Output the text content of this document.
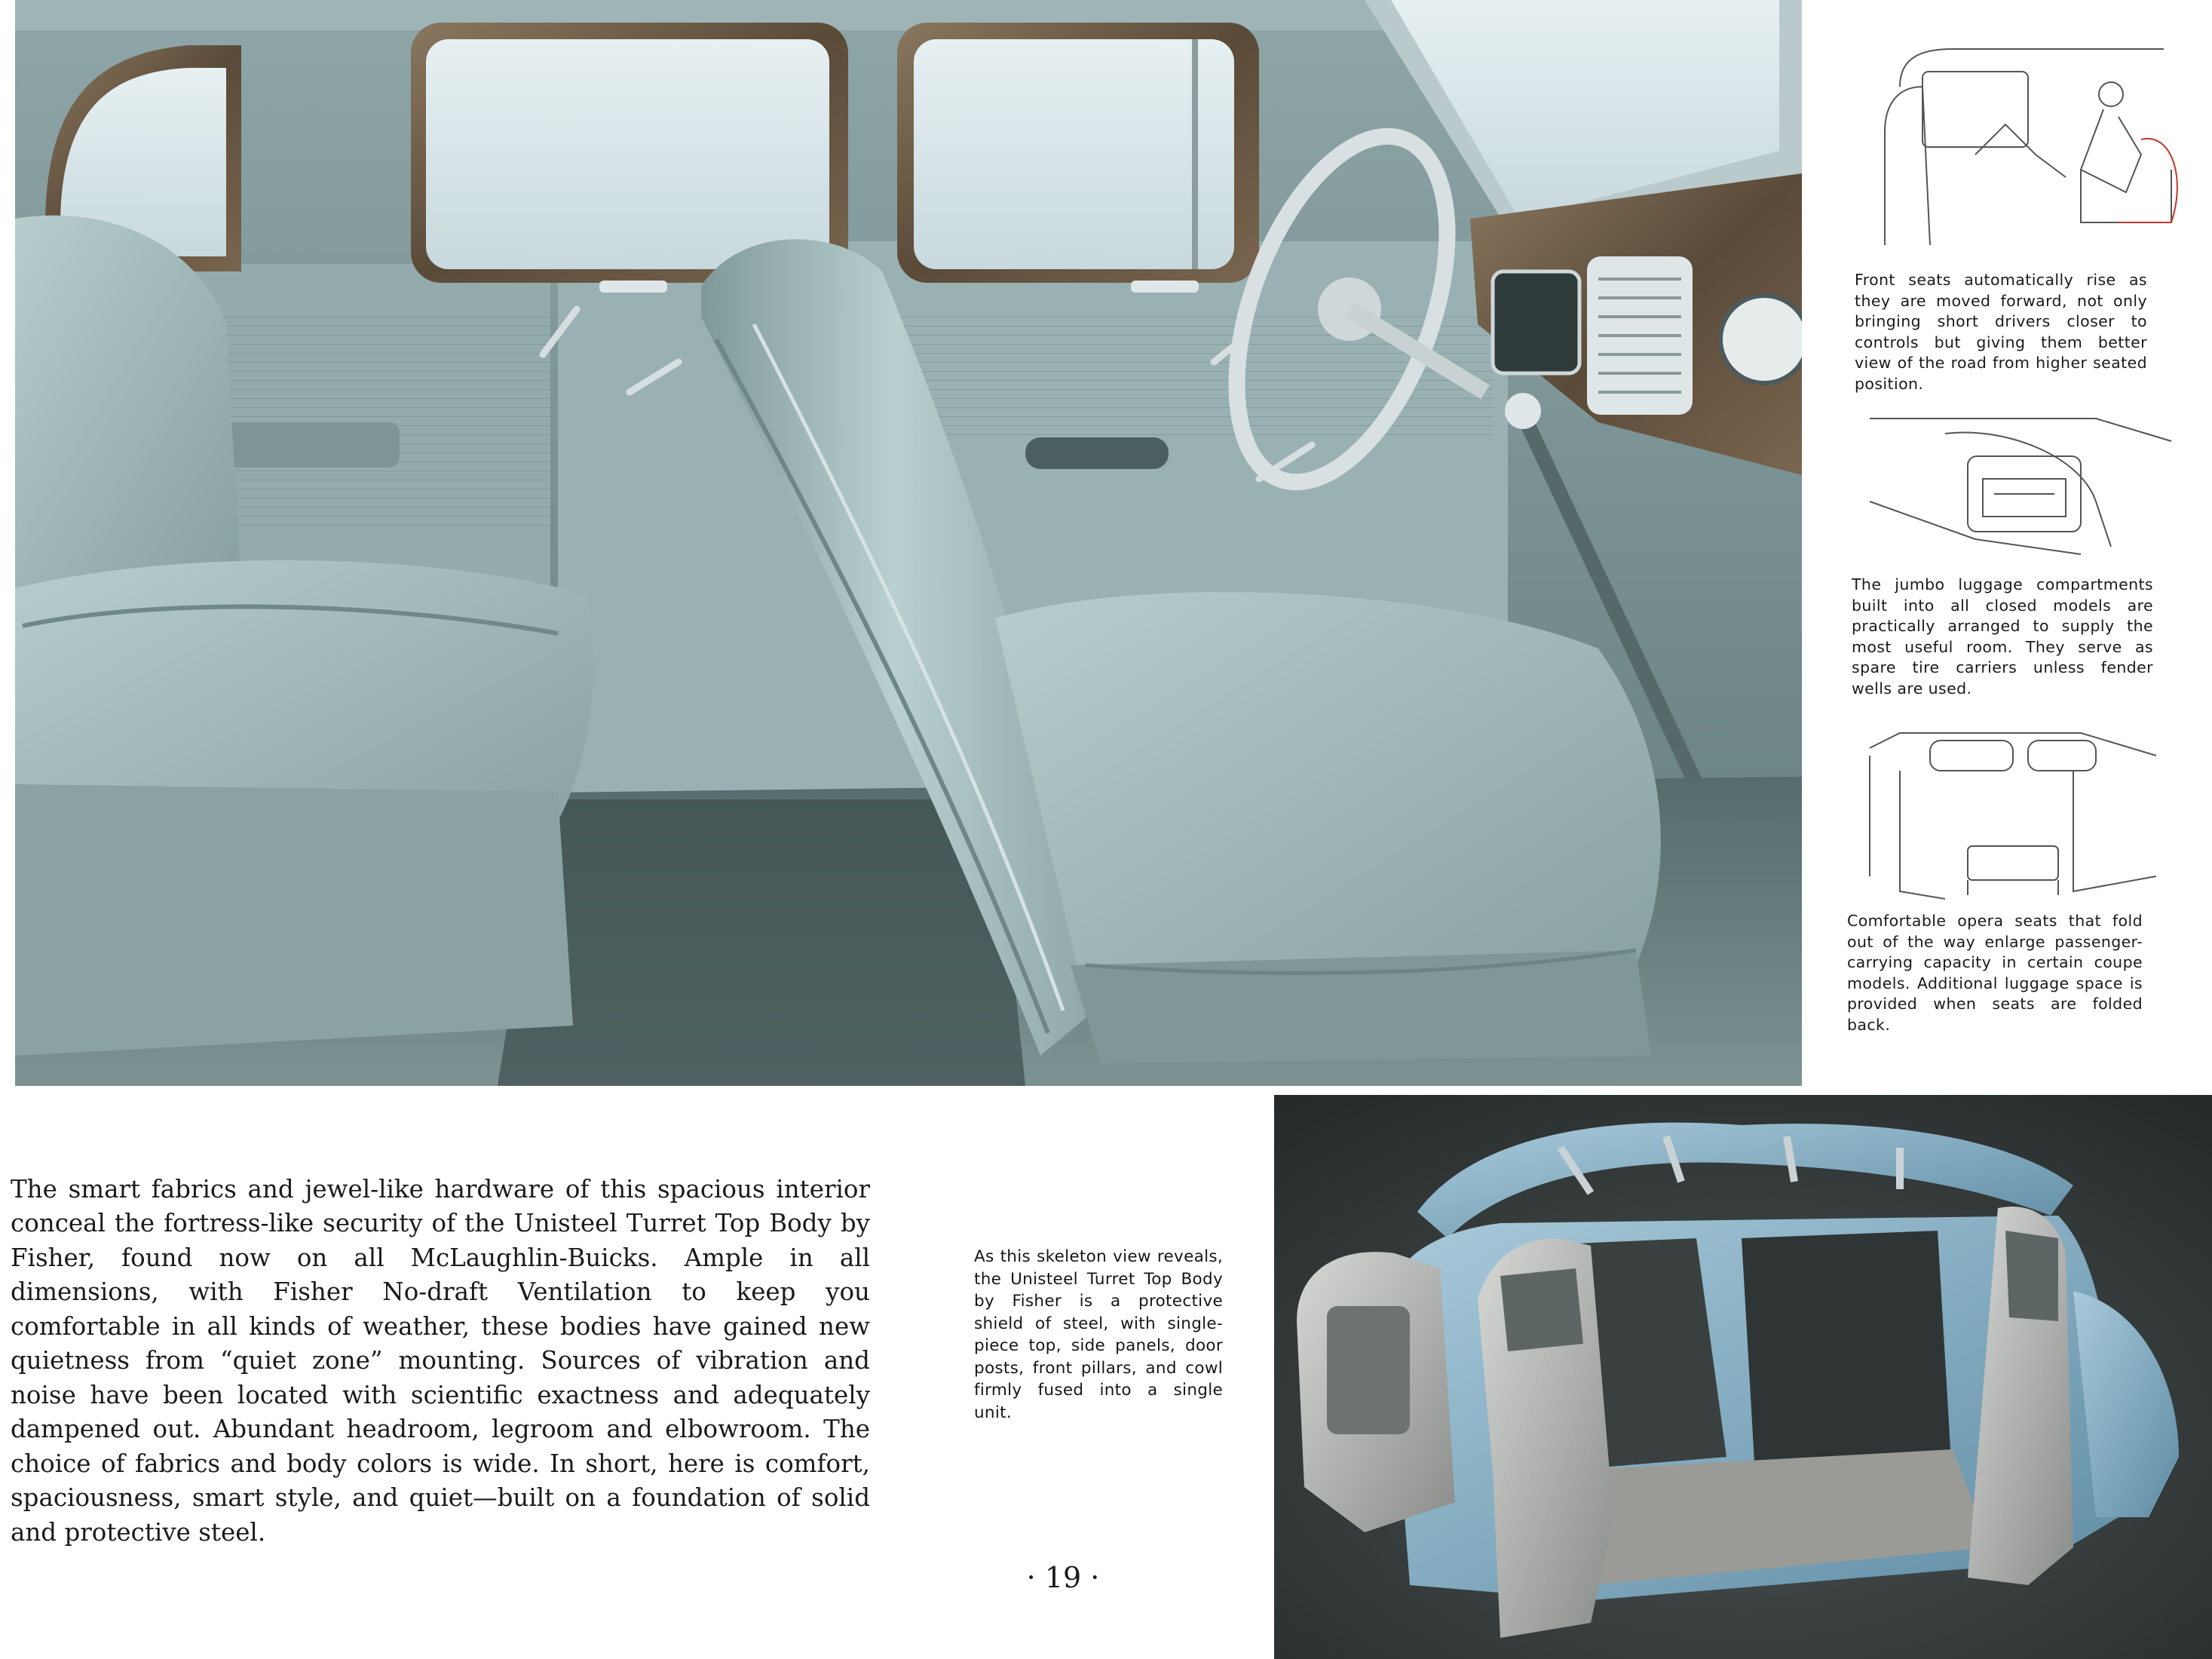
Front seats automatically rise as they are moved forward, not only bringing short drivers closer to controls but giving them better view of the road from higher seated position.
The jumbo luggage compartments built into all closed models are practically arranged to supply the most useful room. They serve as spare tire carriers unless fender wells are used.
Comfortable opera seats that fold out of the way enlarge passenger-carrying capacity in certain coupe models. Additional luggage space is provided when seats are folded back.

The smart fabrics and jewel-like hardware of this spacious interior conceal the fortress-like security of the Unisteel Turret Top Body by Fisher, found now on all McLaughlin-Buicks. Ample in all dimensions, with Fisher No-draft Ventilation to keep you comfortable in all kinds of weather, these bodies have gained new quietness from “quiet zone” mounting. Sources of vibration and noise have been located with scientific exactness and adequately dampened out. Abundant headroom, legroom and elbowroom. The choice of fabrics and body colors is wide. In short, here is comfort, spaciousness, smart style, and quiet—built on a foundation of solid and protective steel.

As this skeleton view reveals, the Unisteel Turret Top Body by Fisher is a protective shield of steel, with single-piece top, side panels, door posts, front pillars, and cowl firmly fused into a single unit.
· 19 ·
